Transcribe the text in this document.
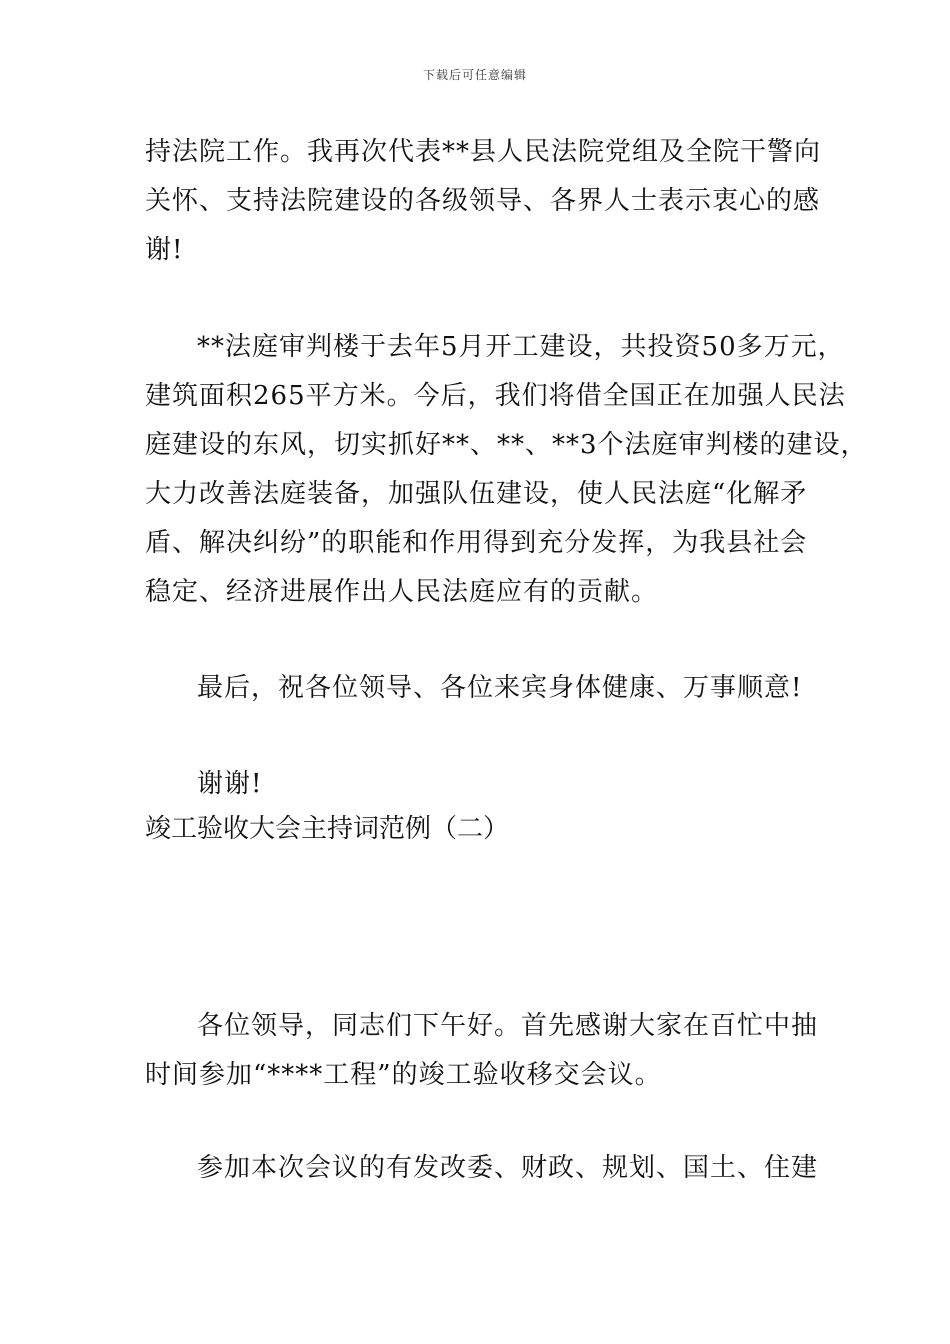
下载后可任意编辑
持法院工作。我再次代表**县人民法院党组及全院干警向
关怀、支持法院建设的各级领导、各界人士表示衷心的感
谢!
**法庭审判楼于去年5月开工建设，共投资50多万元，
建筑面积265平方米。今后，我们将借全国正在加强人民法
庭建设的东风，切实抓好**、**、**3个法庭审判楼的建设，
大力改善法庭装备，加强队伍建设，使人民法庭“化解矛
盾、解决纠纷”的职能和作用得到充分发挥，为我县社会
稳定、经济进展作出人民法庭应有的贡献。
最后，祝各位领导、各位来宾身体健康、万事顺意!
谢谢!
竣工验收大会主持词范例（二）
各位领导，同志们下午好。首先感谢大家在百忙中抽
时间参加“****工程”的竣工验收移交会议。
参加本次会议的有发改委、财政、规划、国土、住建
